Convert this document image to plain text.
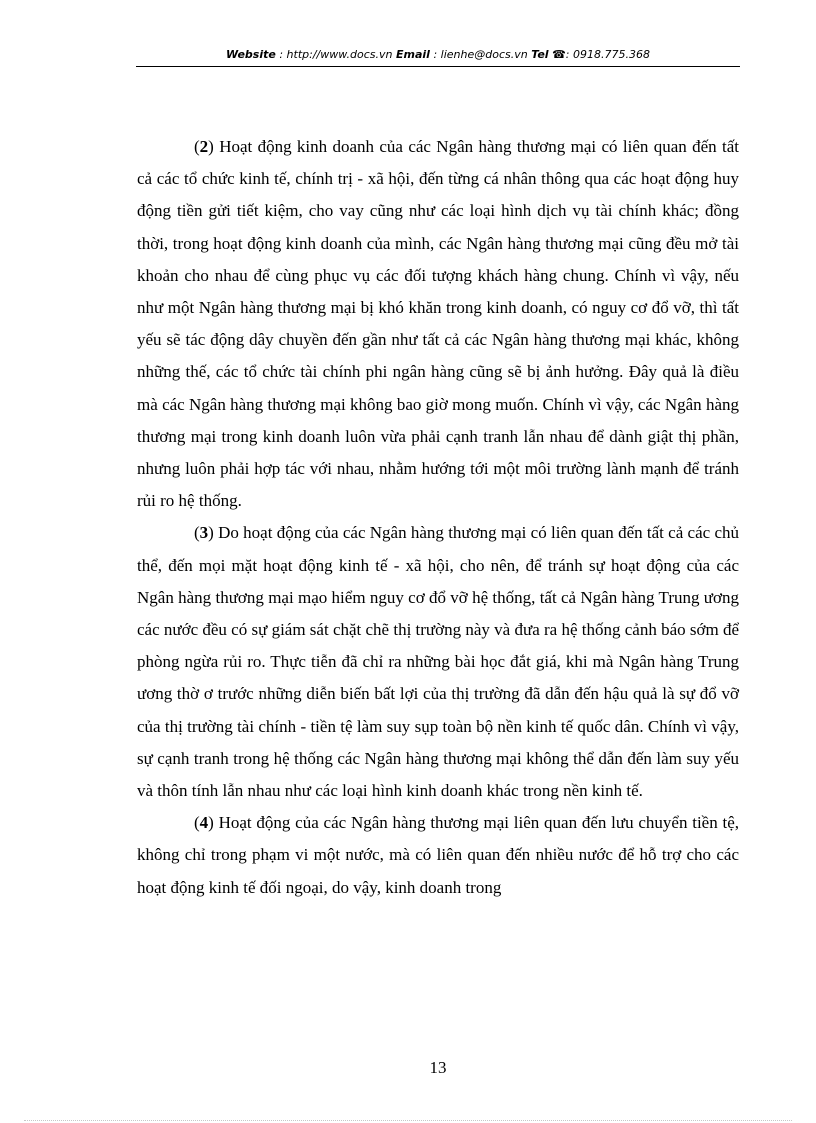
Website : http://www.docs.vn Email : lienhe@docs.vn Tel ☎: 0918.775.368

(2) Hoạt động kinh doanh của các Ngân hàng thương mại có liên quan đến tất cả các tổ chức kinh tế, chính trị - xã hội, đến từng cá nhân thông qua các hoạt động huy động tiền gửi tiết kiệm, cho vay cũng như các loại hình dịch vụ tài chính khác; đồng thời, trong hoạt động kinh doanh của mình, các Ngân hàng thương mại cũng đều mở tài khoản cho nhau để cùng phục vụ các đối tượng khách hàng chung. Chính vì vậy, nếu như một Ngân hàng thương mại bị khó khăn trong kinh doanh, có nguy cơ đổ vỡ, thì tất yếu sẽ tác động dây chuyền đến gần như tất cả các Ngân hàng thương mại khác, không những thế, các tổ chức tài chính phi ngân hàng cũng sẽ bị ảnh hưởng. Đây quả là điều mà các Ngân hàng thương mại không bao giờ mong muốn. Chính vì vậy, các Ngân hàng thương mại trong kinh doanh luôn vừa phải cạnh tranh lẫn nhau để dành giật thị phần, nhưng luôn phải hợp tác với nhau, nhằm hướng tới một môi trường lành mạnh để tránh rủi ro hệ thống.

(3) Do hoạt động của các Ngân hàng thương mại có liên quan đến tất cả các chủ thể, đến mọi mặt hoạt động kinh tế - xã hội, cho nên, để tránh sự hoạt động của các Ngân hàng thương mại mạo hiểm nguy cơ đổ vỡ hệ thống, tất cả Ngân hàng Trung ương các nước đều có sự giám sát chặt chẽ thị trường này và đưa ra hệ thống cảnh báo sớm để phòng ngừa rủi ro. Thực tiễn đã chỉ ra những bài học đắt giá, khi mà Ngân hàng Trung ương thờ ơ trước những diễn biến bất lợi của thị trường đã dẫn đến hậu quả là sự đổ vỡ của thị trường tài chính - tiền tệ làm suy sụp toàn bộ nền kinh tế quốc dân. Chính vì vậy, sự cạnh tranh trong hệ thống các Ngân hàng thương mại không thể dẫn đến làm suy yếu và thôn tính lẫn nhau như các loại hình kinh doanh khác trong nền kinh tế.

(4) Hoạt động của các Ngân hàng thương mại liên quan đến lưu chuyển tiền tệ, không chỉ trong phạm vi một nước, mà có liên quan đến nhiều nước để hỗ trợ cho các hoạt động kinh tế đối ngoại, do vậy, kinh doanh trong

13
